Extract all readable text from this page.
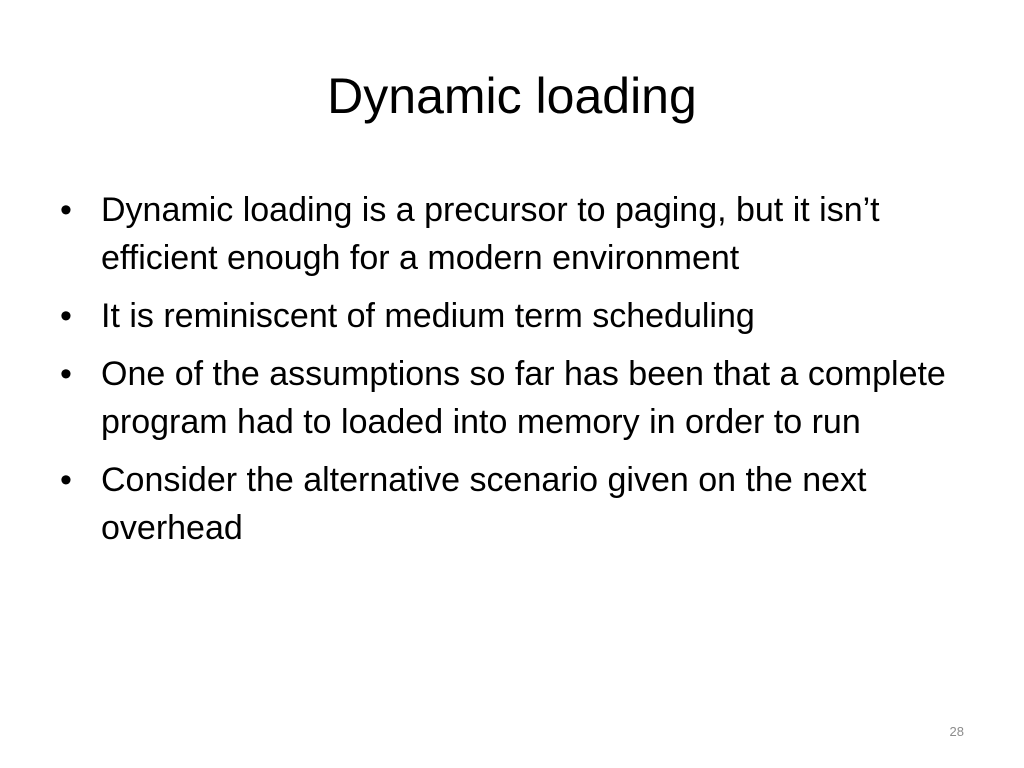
Dynamic loading
• Dynamic loading is a precursor to paging, but it isn’t efficient enough for a modern environment
• It is reminiscent of medium term scheduling
• One of the assumptions so far has been that a complete program had to loaded into memory in order to run
• Consider the alternative scenario given on the next overhead
28
